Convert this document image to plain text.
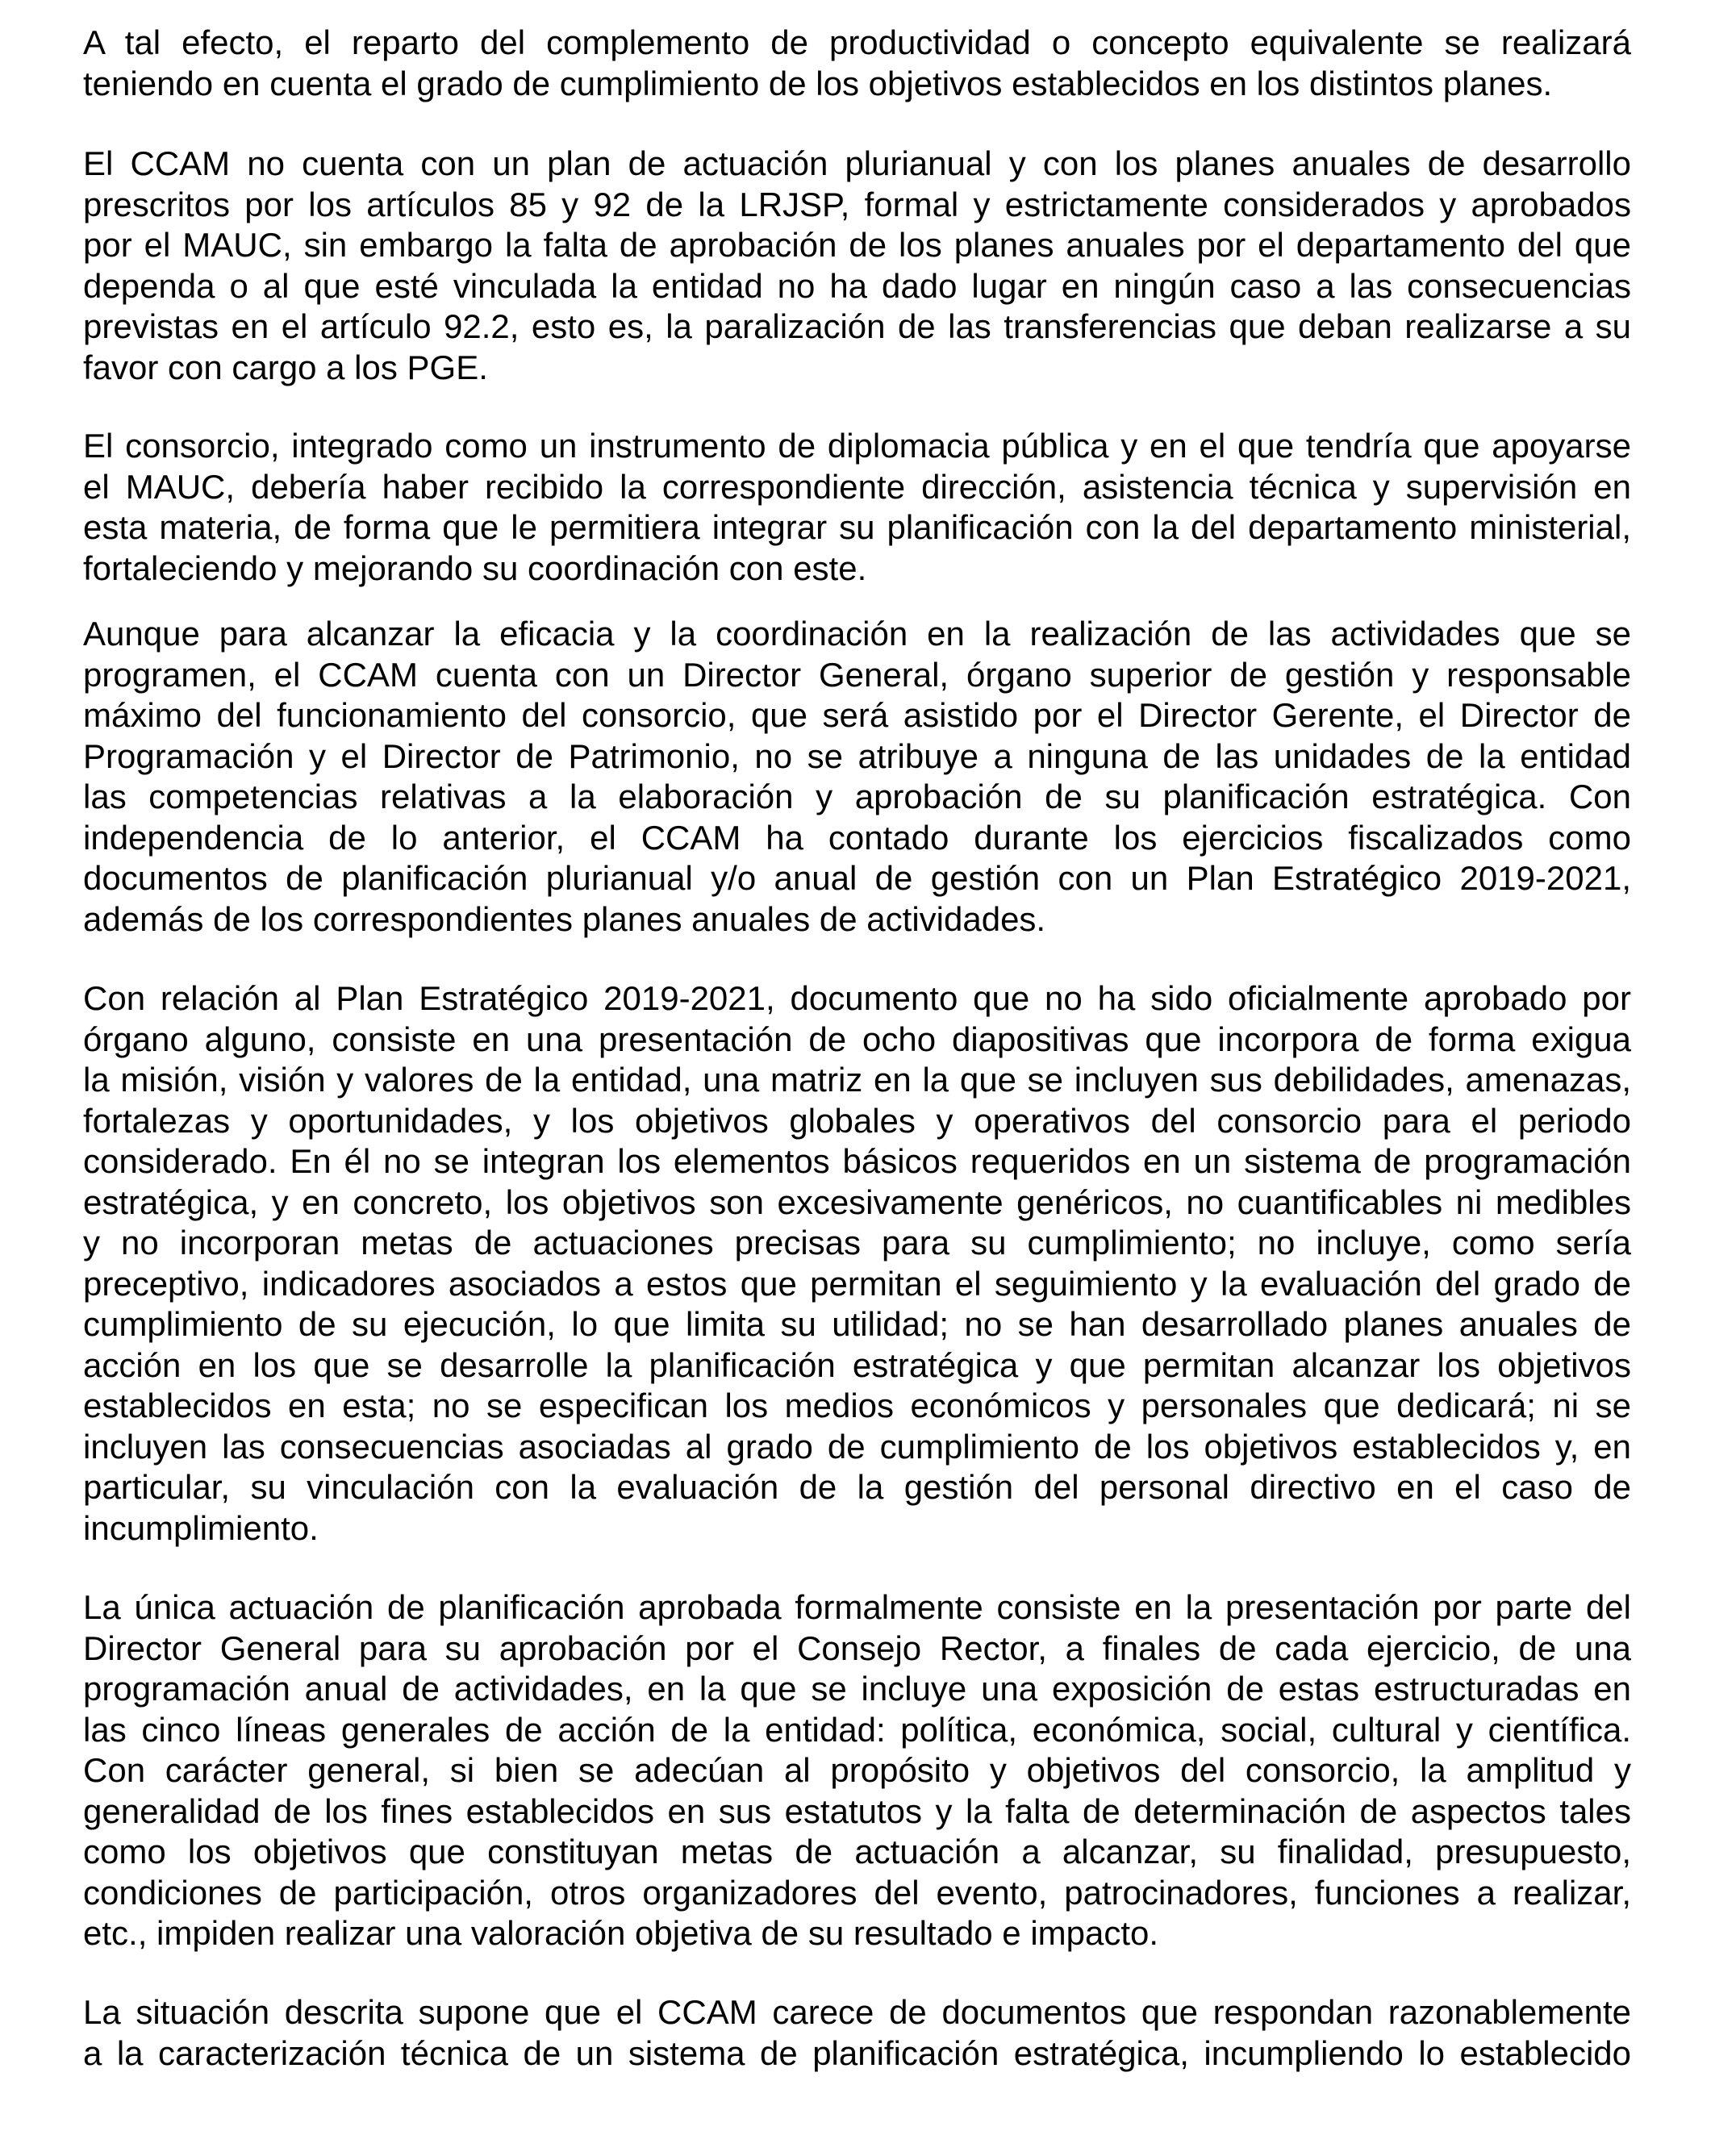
A tal efecto, el reparto del complemento de productividad o concepto equivalente se realizará
teniendo en cuenta el grado de cumplimiento de los objetivos establecidos en los distintos planes.

El CCAM no cuenta con un plan de actuación plurianual y con los planes anuales de desarrollo
prescritos por los artículos 85 y 92 de la LRJSP, formal y estrictamente considerados y aprobados
por el MAUC, sin embargo la falta de aprobación de los planes anuales por el departamento del que
dependa o al que esté vinculada la entidad no ha dado lugar en ningún caso a las consecuencias
previstas en el artículo 92.2, esto es, la paralización de las transferencias que deban realizarse a su
favor con cargo a los PGE.

El consorcio, integrado como un instrumento de diplomacia pública y en el que tendría que apoyarse
el MAUC, debería haber recibido la correspondiente dirección, asistencia técnica y supervisión en
esta materia, de forma que le permitiera integrar su planificación con la del departamento ministerial,
fortaleciendo y mejorando su coordinación con este.

Aunque para alcanzar la eficacia y la coordinación en la realización de las actividades que se
programen, el CCAM cuenta con un Director General, órgano superior de gestión y responsable
máximo del funcionamiento del consorcio, que será asistido por el Director Gerente, el Director de
Programación y el Director de Patrimonio, no se atribuye a ninguna de las unidades de la entidad
las competencias relativas a la elaboración y aprobación de su planificación estratégica. Con
independencia de lo anterior, el CCAM ha contado durante los ejercicios fiscalizados como
documentos de planificación plurianual y/o anual de gestión con un Plan Estratégico 2019-2021,
además de los correspondientes planes anuales de actividades.

Con relación al Plan Estratégico 2019-2021, documento que no ha sido oficialmente aprobado por
órgano alguno, consiste en una presentación de ocho diapositivas que incorpora de forma exigua
la misión, visión y valores de la entidad, una matriz en la que se incluyen sus debilidades, amenazas,
fortalezas y oportunidades, y los objetivos globales y operativos del consorcio para el periodo
considerado. En él no se integran los elementos básicos requeridos en un sistema de programación
estratégica, y en concreto, los objetivos son excesivamente genéricos, no cuantificables ni medibles
y no incorporan metas de actuaciones precisas para su cumplimiento; no incluye, como sería
preceptivo, indicadores asociados a estos que permitan el seguimiento y la evaluación del grado de
cumplimiento de su ejecución, lo que limita su utilidad; no se han desarrollado planes anuales de
acción en los que se desarrolle la planificación estratégica y que permitan alcanzar los objetivos
establecidos en esta; no se especifican los medios económicos y personales que dedicará; ni se
incluyen las consecuencias asociadas al grado de cumplimiento de los objetivos establecidos y, en
particular, su vinculación con la evaluación de la gestión del personal directivo en el caso de
incumplimiento.

La única actuación de planificación aprobada formalmente consiste en la presentación por parte del
Director General para su aprobación por el Consejo Rector, a finales de cada ejercicio, de una
programación anual de actividades, en la que se incluye una exposición de estas estructuradas en
las cinco líneas generales de acción de la entidad: política, económica, social, cultural y científica.
Con carácter general, si bien se adecúan al propósito y objetivos del consorcio, la amplitud y
generalidad de los fines establecidos en sus estatutos y la falta de determinación de aspectos tales
como los objetivos que constituyan metas de actuación a alcanzar, su finalidad, presupuesto,
condiciones de participación, otros organizadores del evento, patrocinadores, funciones a realizar,
etc., impiden realizar una valoración objetiva de su resultado e impacto.

La situación descrita supone que el CCAM carece de documentos que respondan razonablemente
a la caracterización técnica de un sistema de planificación estratégica, incumpliendo lo establecido
